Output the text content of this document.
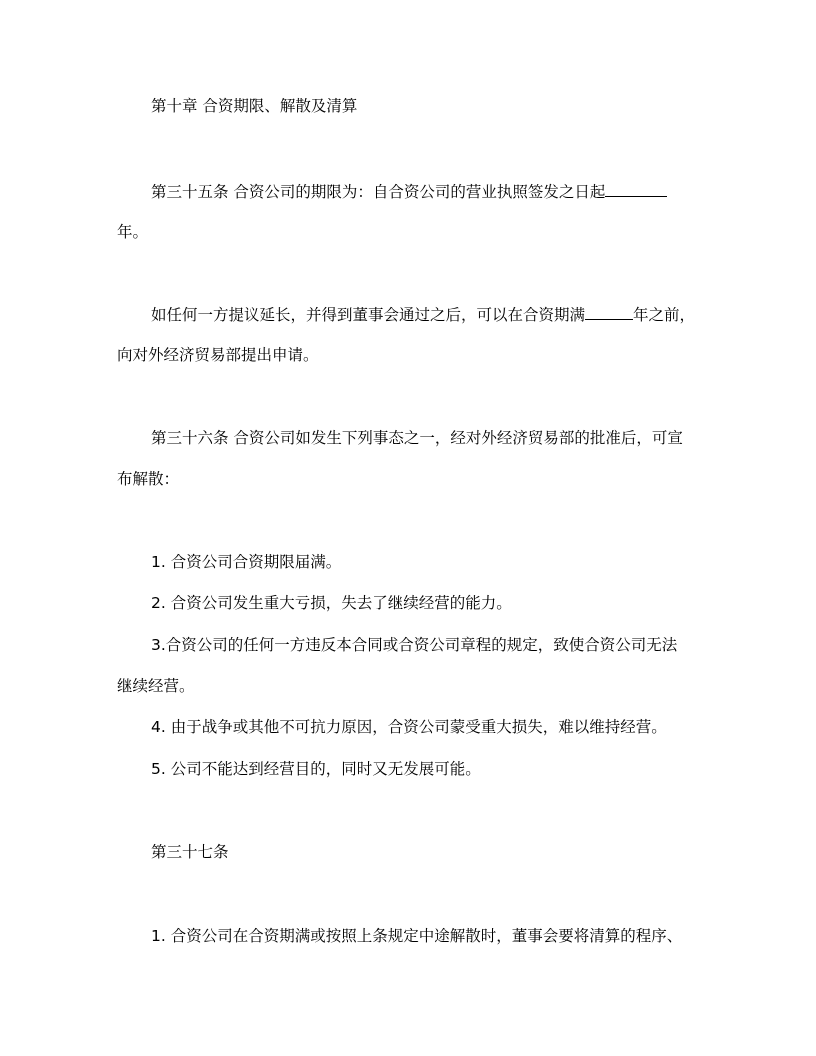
第十章 合资期限、解散及清算
第三十五条 合资公司的期限为：自合资公司的营业执照签发之日起
年。
如任何一方提议延长，并得到董事会通过之后，可以在合资期满	年之前，
向对外经济贸易部提出申请。
第三十六条 合资公司如发生下列事态之一，经对外经济贸易部的批准后，可宣
布解散：
1. 合资公司合资期限届满。
2. 合资公司发生重大亏损，失去了继续经营的能力。
3.合资公司的任何一方违反本合同或合资公司章程的规定，致使合资公司无法
继续经营。
4. 由于战争或其他不可抗力原因，合资公司蒙受重大损失，难以维持经营。
5. 公司不能达到经营目的，同时又无发展可能。
第三十七条
1. 合资公司在合资期满或按照上条规定中途解散时，董事会要将清算的程序、
